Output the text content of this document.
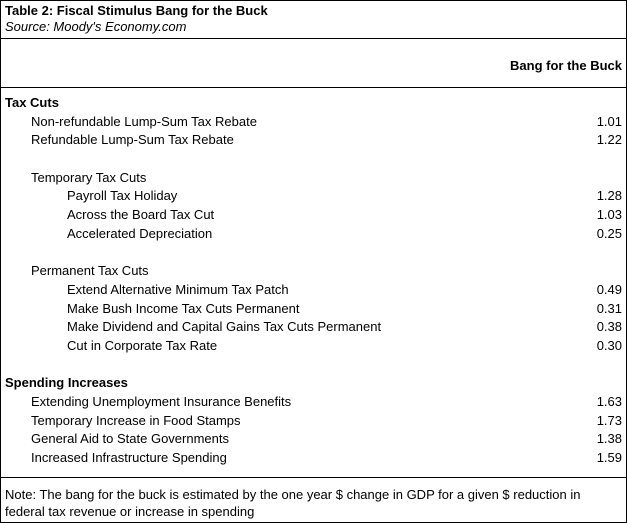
Table 2: Fiscal Stimulus Bang for the Buck
Source: Moody's Economy.com
Bang for the Buck
Tax Cuts
Non-refundable Lump-Sum Tax Rebate	1.01
Refundable Lump-Sum Tax Rebate	1.22
Temporary Tax Cuts
Payroll Tax Holiday	1.28
Across the Board Tax Cut	1.03
Accelerated Depreciation	0.25
Permanent Tax Cuts
Extend Alternative Minimum Tax Patch	0.49
Make Bush Income Tax Cuts Permanent	0.31
Make Dividend and Capital Gains Tax Cuts Permanent	0.38
Cut in Corporate Tax Rate	0.30
Spending Increases
Extending Unemployment Insurance Benefits	1.63
Temporary Increase in Food Stamps	1.73
General Aid to State Governments	1.38
Increased Infrastructure Spending	1.59
Note: The bang for the buck is estimated by the one year $ change in GDP for a given $ reduction in federal tax revenue or increase in spending
